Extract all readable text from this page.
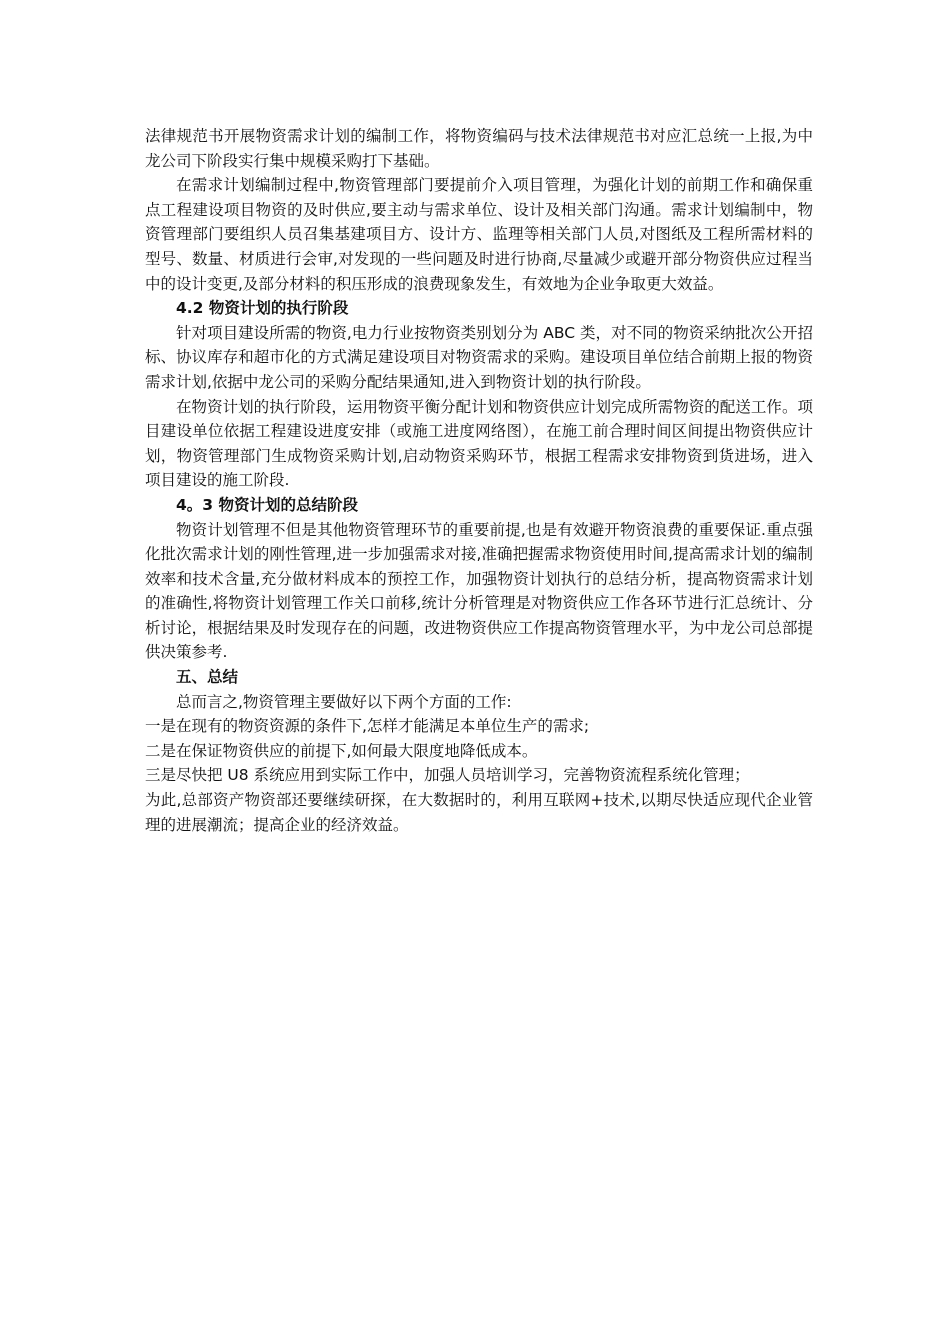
法律规范书开展物资需求计划的编制工作，将物资编码与技术法律规范书对应汇总统一上报,为中龙公司下阶段实行集中规模采购打下基础。

在需求计划编制过程中,物资管理部门要提前介入项目管理，为强化计划的前期工作和确保重点工程建设项目物资的及时供应,要主动与需求单位、设计及相关部门沟通。需求计划编制中，物资管理部门要组织人员召集基建项目方、设计方、监理等相关部门人员,对图纸及工程所需材料的型号、数量、材质进行会审,对发现的一些问题及时进行协商,尽量减少或避开部分物资供应过程当中的设计变更,及部分材料的积压形成的浪费现象发生，有效地为企业争取更大效益。

4.2 物资计划的执行阶段

针对项目建设所需的物资,电力行业按物资类别划分为 ABC 类，对不同的物资采纳批次公开招标、协议库存和超市化的方式满足建设项目对物资需求的采购。建设项目单位结合前期上报的物资需求计划,依据中龙公司的采购分配结果通知,进入到物资计划的执行阶段。

在物资计划的执行阶段，运用物资平衡分配计划和物资供应计划完成所需物资的配送工作。项目建设单位依据工程建设进度安排（或施工进度网络图），在施工前合理时间区间提出物资供应计划，物资管理部门生成物资采购计划,启动物资采购环节，根据工程需求安排物资到货进场，进入项目建设的施工阶段.

4。3 物资计划的总结阶段

物资计划管理不但是其他物资管理环节的重要前提,也是有效避开物资浪费的重要保证.重点强化批次需求计划的刚性管理,进一步加强需求对接,准确把握需求物资使用时间,提高需求计划的编制效率和技术含量,充分做材料成本的预控工作，加强物资计划执行的总结分析，提高物资需求计划的准确性,将物资计划管理工作关口前移,统计分析管理是对物资供应工作各环节进行汇总统计、分析讨论，根据结果及时发现存在的问题，改进物资供应工作提高物资管理水平，为中龙公司总部提供决策参考.

五、总结

总而言之,物资管理主要做好以下两个方面的工作:

一是在现有的物资资源的条件下,怎样才能满足本单位生产的需求;

二是在保证物资供应的前提下,如何最大限度地降低成本。

三是尽快把 U8 系统应用到实际工作中，加强人员培训学习，完善物资流程系统化管理；

为此,总部资产物资部还要继续研探，在大数据时的，利用互联网+技术,以期尽快适应现代企业管理的进展潮流；提高企业的经济效益。
